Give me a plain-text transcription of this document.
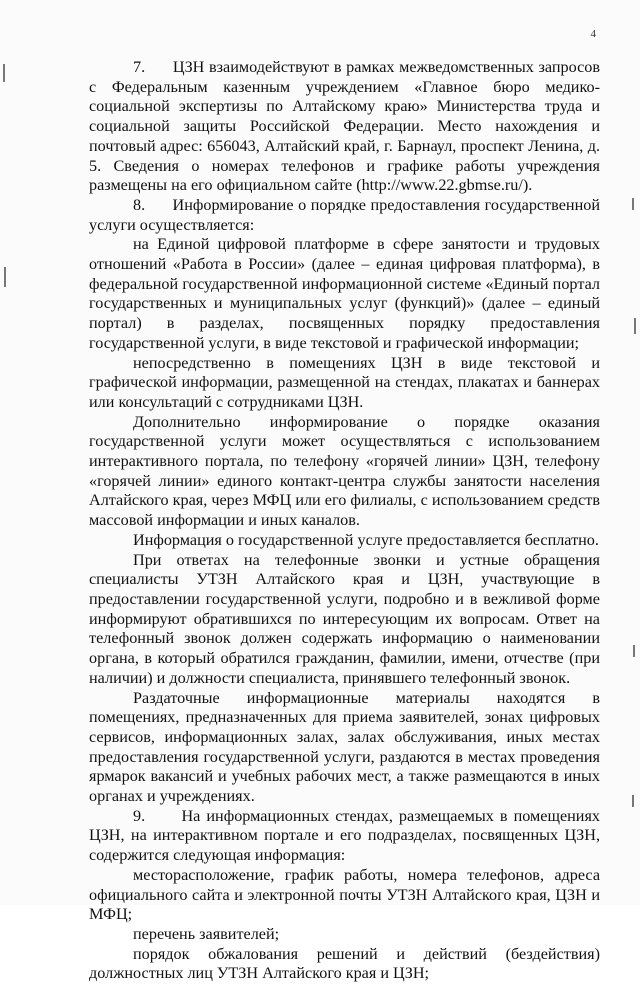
4

7.      ЦЗН взаимодействуют в рамках межведомственных запросов с Федеральным казенным учреждением «Главное бюро медико-социальной экспертизы по Алтайскому краю» Министерства труда и социальной защиты Российской Федерации. Место нахождения и почтовый адрес: 656043, Алтайский край, г. Барнаул, проспект Ленина, д. 5. Сведения о номерах телефонов и графике работы учреждения размещены на его официальном сайте (http://www.22.gbmse.ru/).

8.      Информирование о порядке предоставления государственной услуги осуществляется:

на Единой цифровой платформе в сфере занятости и трудовых отношений «Работа в России» (далее – единая цифровая платформа), в федеральной государственной информационной системе «Единый портал государственных и муниципальных услуг (функций)» (далее – единый портал) в разделах, посвященных порядку предоставления государственной услуги, в виде текстовой и графической информации;

непосредственно в помещениях ЦЗН в виде текстовой и графической информации, размещенной на стендах, плакатах и баннерах или консультаций с сотрудниками ЦЗН.

Дополнительно информирование о порядке оказания государственной услуги может осуществляться с использованием интерактивного портала, по телефону «горячей линии» ЦЗН, телефону «горячей линии» единого контакт-центра службы занятости населения Алтайского края, через МФЦ или его филиалы, с использованием средств массовой информации и иных каналов.

Информация о государственной услуге предоставляется бесплатно.

При ответах на телефонные звонки и устные обращения специалисты УТЗН Алтайского края и ЦЗН, участвующие в предоставлении государственной услуги, подробно и в вежливой форме информируют обратившихся по интересующим их вопросам. Ответ на телефонный звонок должен содержать информацию о наименовании органа, в который обратился гражданин, фамилии, имени, отчестве (при наличии) и должности специалиста, принявшего телефонный звонок.

Раздаточные информационные материалы находятся в помещениях, предназначенных для приема заявителей, зонах цифровых сервисов, информационных залах, залах обслуживания, иных местах предоставления государственной услуги, раздаются в местах проведения ярмарок вакансий и учебных рабочих мест, а также размещаются в иных органах и учреждениях.

9.      На информационных стендах, размещаемых в помещениях ЦЗН, на интерактивном портале и его подразделах, посвященных ЦЗН, содержится следующая информация:

месторасположение, график работы, номера телефонов, адреса официального сайта и электронной почты УТЗН Алтайского края, ЦЗН и МФЦ;

перечень заявителей;

порядок обжалования решений и действий (бездействия) должностных лиц УТЗН Алтайского края и ЦЗН;
